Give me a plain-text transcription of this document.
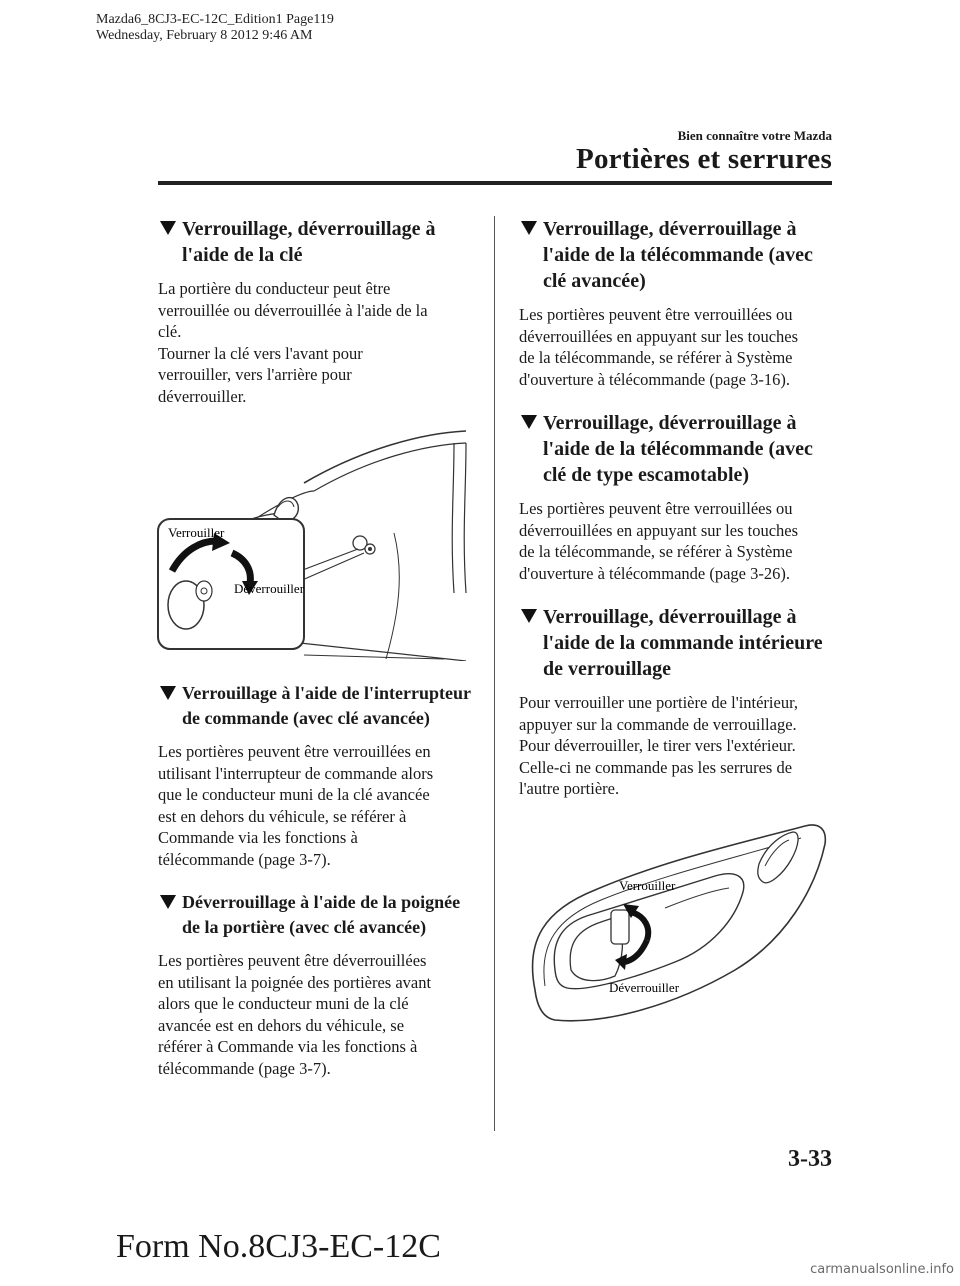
Mazda6_8CJ3-EC-12C_Edition1 Page119
Wednesday, February 8 2012 9:46 AM
Bien connaître votre Mazda
Portières et serrures
Verrouillage, déverrouillage à
l'aide de la clé
La portière du conducteur peut être
verrouillée ou déverrouillée à l'aide de la
clé.
Tourner la clé vers l'avant pour
verrouiller, vers l'arrière pour
déverrouiller.
Verrouiller
Déverrouiller
Verrouillage à l'aide de l'interrupteur
de commande (avec clé avancée)
Les portières peuvent être verrouillées en
utilisant l'interrupteur de commande alors
que le conducteur muni de la clé avancée
est en dehors du véhicule, se référer à
Commande via les fonctions à
télécommande (page 3-7).
Déverrouillage à l'aide de la poignée
de la portière (avec clé avancée)
Les portières peuvent être déverrouillées
en utilisant la poignée des portières avant
alors que le conducteur muni de la clé
avancée est en dehors du véhicule, se
référer à Commande via les fonctions à
télécommande (page 3-7).
Verrouillage, déverrouillage à
l'aide de la télécommande (avec
clé avancée)
Les portières peuvent être verrouillées ou
déverrouillées en appuyant sur les touches
de la télécommande, se référer à Système
d'ouverture à télécommande (page 3-16).
Verrouillage, déverrouillage à
l'aide de la télécommande (avec
clé de type escamotable)
Les portières peuvent être verrouillées ou
déverrouillées en appuyant sur les touches
de la télécommande, se référer à Système
d'ouverture à télécommande (page 3-26).
Verrouillage, déverrouillage à
l'aide de la commande intérieure
de verrouillage
Pour verrouiller une portière de l'intérieur,
appuyer sur la commande de verrouillage.
Pour déverrouiller, le tirer vers l'extérieur.
Celle-ci ne commande pas les serrures de
l'autre portière.
Verrouiller
Déverrouiller
3-33
Form No.8CJ3-EC-12C
carmanualsonline.info
